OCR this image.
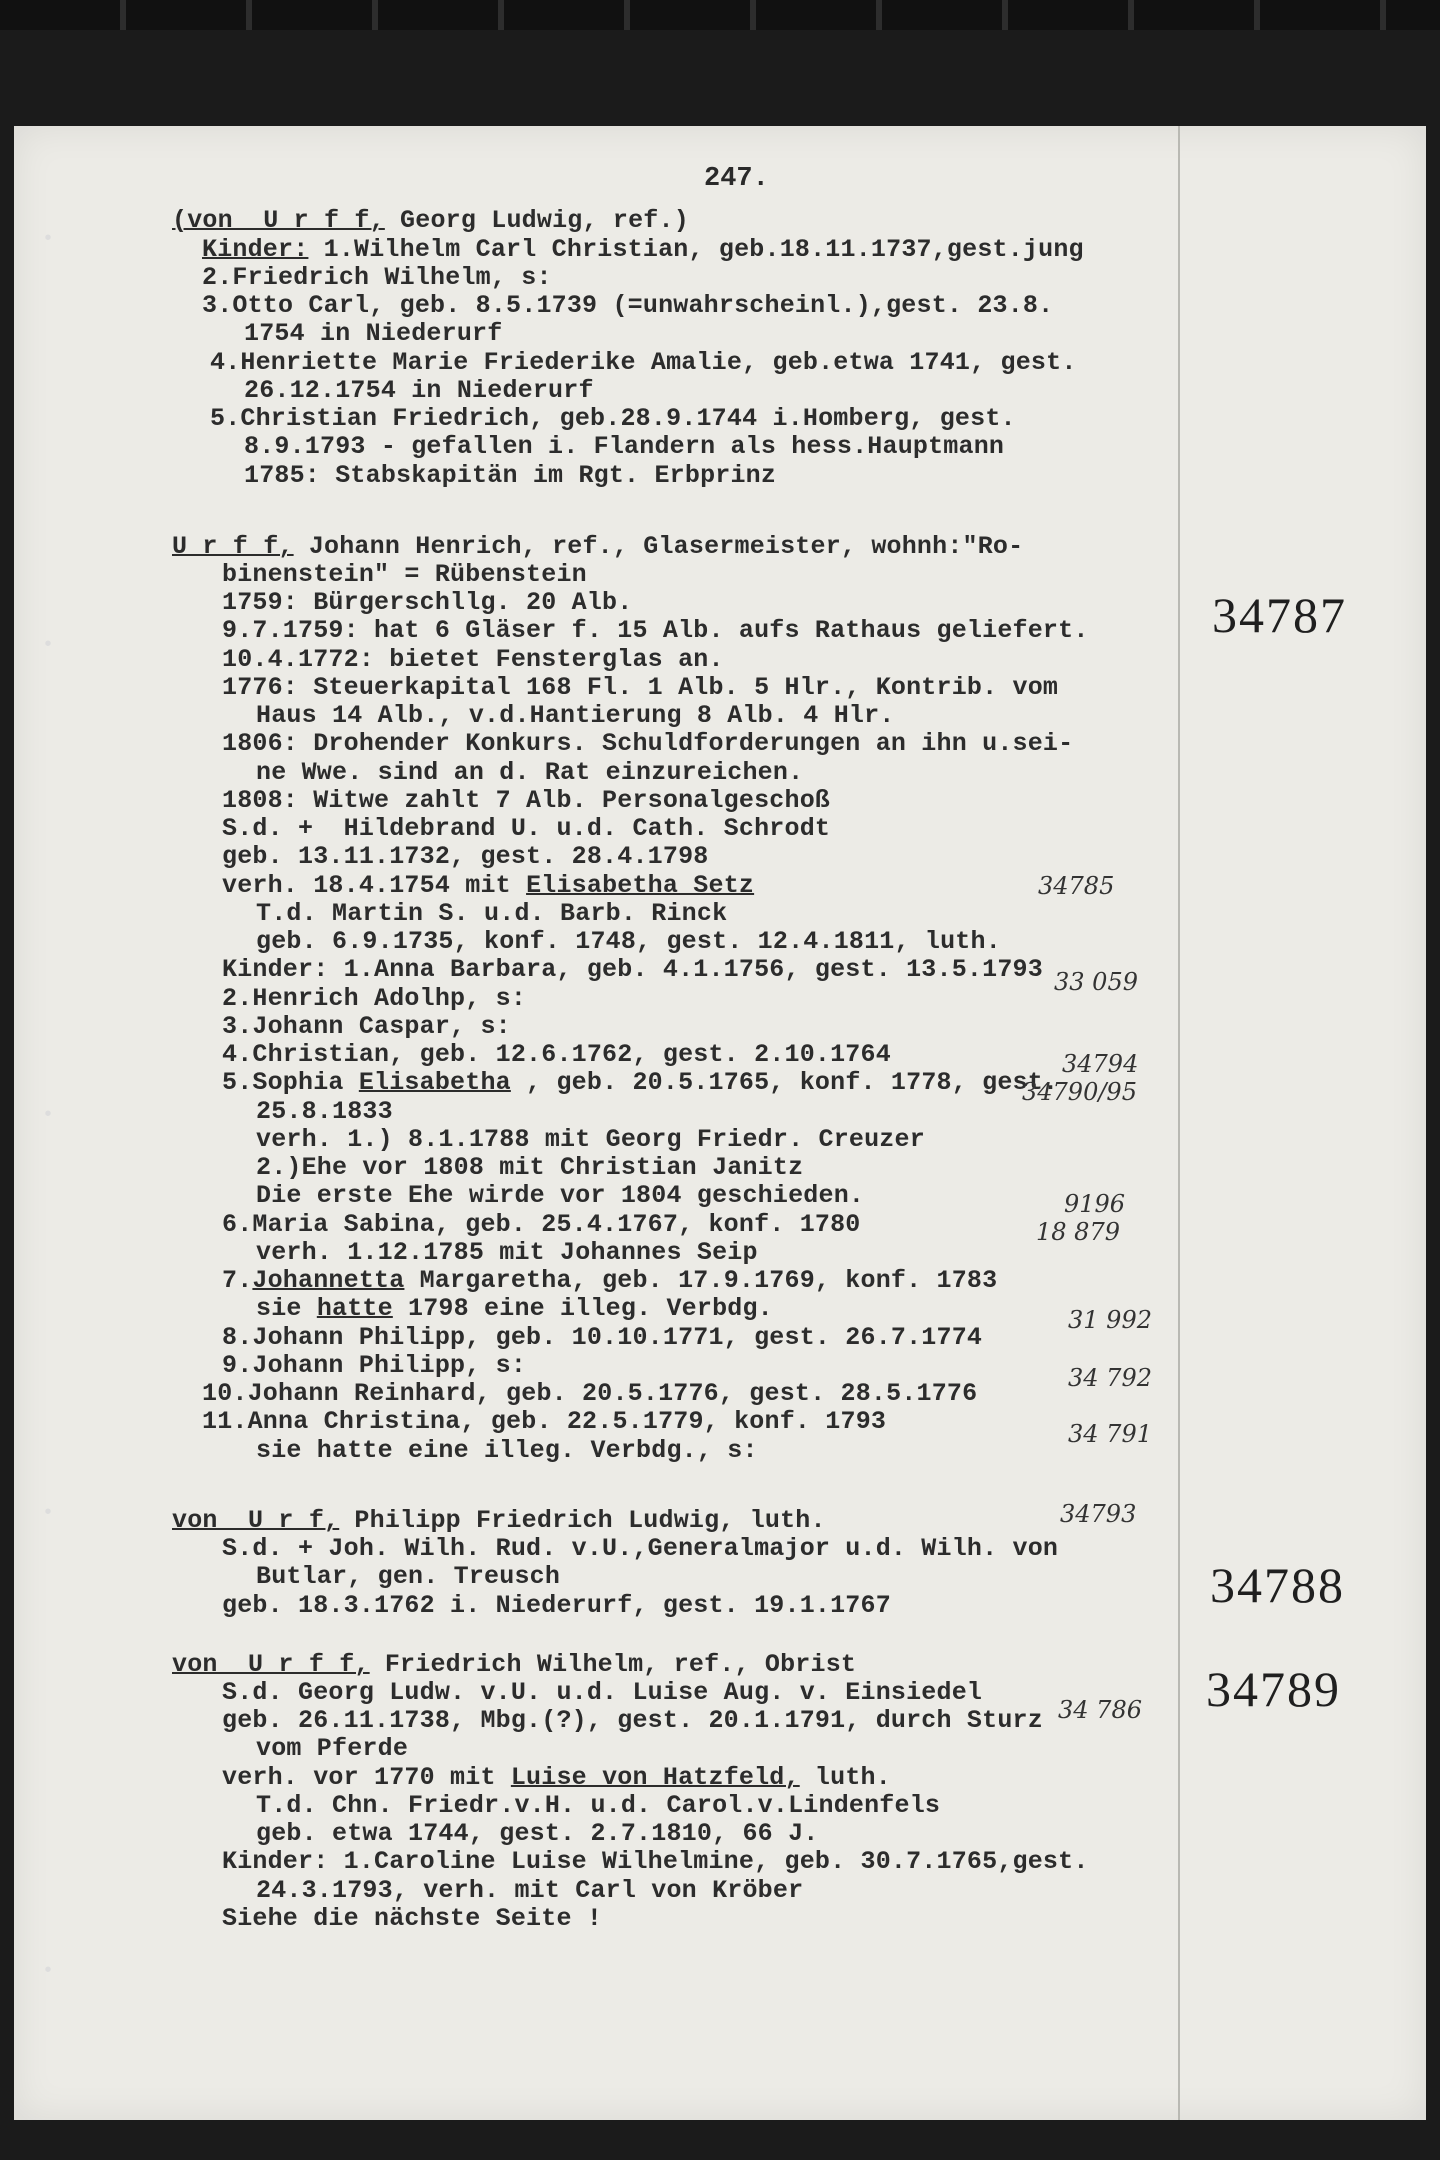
•
•
•
•
•
247.
(von  U r f f, Georg Ludwig, ref.)
Kinder: 1.Wilhelm Carl Christian, geb.18.11.1737,gest.jung
2.Friedrich Wilhelm, s:
3.Otto Carl, geb. 8.5.1739 (=unwahrscheinl.),gest. 23.8.
1754 in Niederurf
4.Henriette Marie Friederike Amalie, geb.etwa 1741, gest.
26.12.1754 in Niederurf
5.Christian Friedrich, geb.28.9.1744 i.Homberg, gest.
8.9.1793 - gefallen i. Flandern als hess.Hauptmann
1785: Stabskapitän im Rgt. Erbprinz
U r f f, Johann Henrich, ref., Glasermeister, wohnh:"Ro-
binenstein" = Rübenstein
1759: Bürgerschllg. 20 Alb.
9.7.1759: hat 6 Gläser f. 15 Alb. aufs Rathaus geliefert.
10.4.1772: bietet Fensterglas an.
1776: Steuerkapital 168 Fl. 1 Alb. 5 Hlr., Kontrib. vom
Haus 14 Alb., v.d.Hantierung 8 Alb. 4 Hlr.
1806: Drohender Konkurs. Schuldforderungen an ihn u.sei-
ne Wwe. sind an d. Rat einzureichen.
1808: Witwe zahlt 7 Alb. Personalgeschoß
S.d. +  Hildebrand U. u.d. Cath. Schrodt
geb. 13.11.1732, gest. 28.4.1798
verh. 18.4.1754 mit Elisabetha Setz
T.d. Martin S. u.d. Barb. Rinck
geb. 6.9.1735, konf. 1748, gest. 12.4.1811, luth.
Kinder: 1.Anna Barbara, geb. 4.1.1756, gest. 13.5.1793
2.Henrich Adolhp, s:
3.Johann Caspar, s:
4.Christian, geb. 12.6.1762, gest. 2.10.1764
5.Sophia Elisabetha , geb. 20.5.1765, konf. 1778, gest.
25.8.1833
verh. 1.) 8.1.1788 mit Georg Friedr. Creuzer
2.)Ehe vor 1808 mit Christian Janitz
Die erste Ehe wirde vor 1804 geschieden.
6.Maria Sabina, geb. 25.4.1767, konf. 1780
verh. 1.12.1785 mit Johannes Seip
7.Johannetta Margaretha, geb. 17.9.1769, konf. 1783
sie hatte 1798 eine illeg. Verbdg.
8.Johann Philipp, geb. 10.10.1771, gest. 26.7.1774
9.Johann Philipp, s:
10.Johann Reinhard, geb. 20.5.1776, gest. 28.5.1776
11.Anna Christina, geb. 22.5.1779, konf. 1793
sie hatte eine illeg. Verbdg., s:
von  U r f, Philipp Friedrich Ludwig, luth.
S.d. + Joh. Wilh. Rud. v.U.,Generalmajor u.d. Wilh. von
Butlar, gen. Treusch
geb. 18.3.1762 i. Niederurf, gest. 19.1.1767
von  U r f f, Friedrich Wilhelm, ref., Obrist
S.d. Georg Ludw. v.U. u.d. Luise Aug. v. Einsiedel
geb. 26.11.1738, Mbg.(?), gest. 20.1.1791, durch Sturz
vom Pferde
verh. vor 1770 mit Luise von Hatzfeld, luth.
T.d. Chn. Friedr.v.H. u.d. Carol.v.Lindenfels
geb. etwa 1744, gest. 2.7.1810, 66 J.
Kinder: 1.Caroline Luise Wilhelmine, geb. 30.7.1765,gest.
24.3.1793, verh. mit Carl von Kröber
Siehe die nächste Seite !
34787
34788
34789
34785
33 059
34794
34790/95
9196
18 879
31 992
34 792
34 791
34793
34 786
